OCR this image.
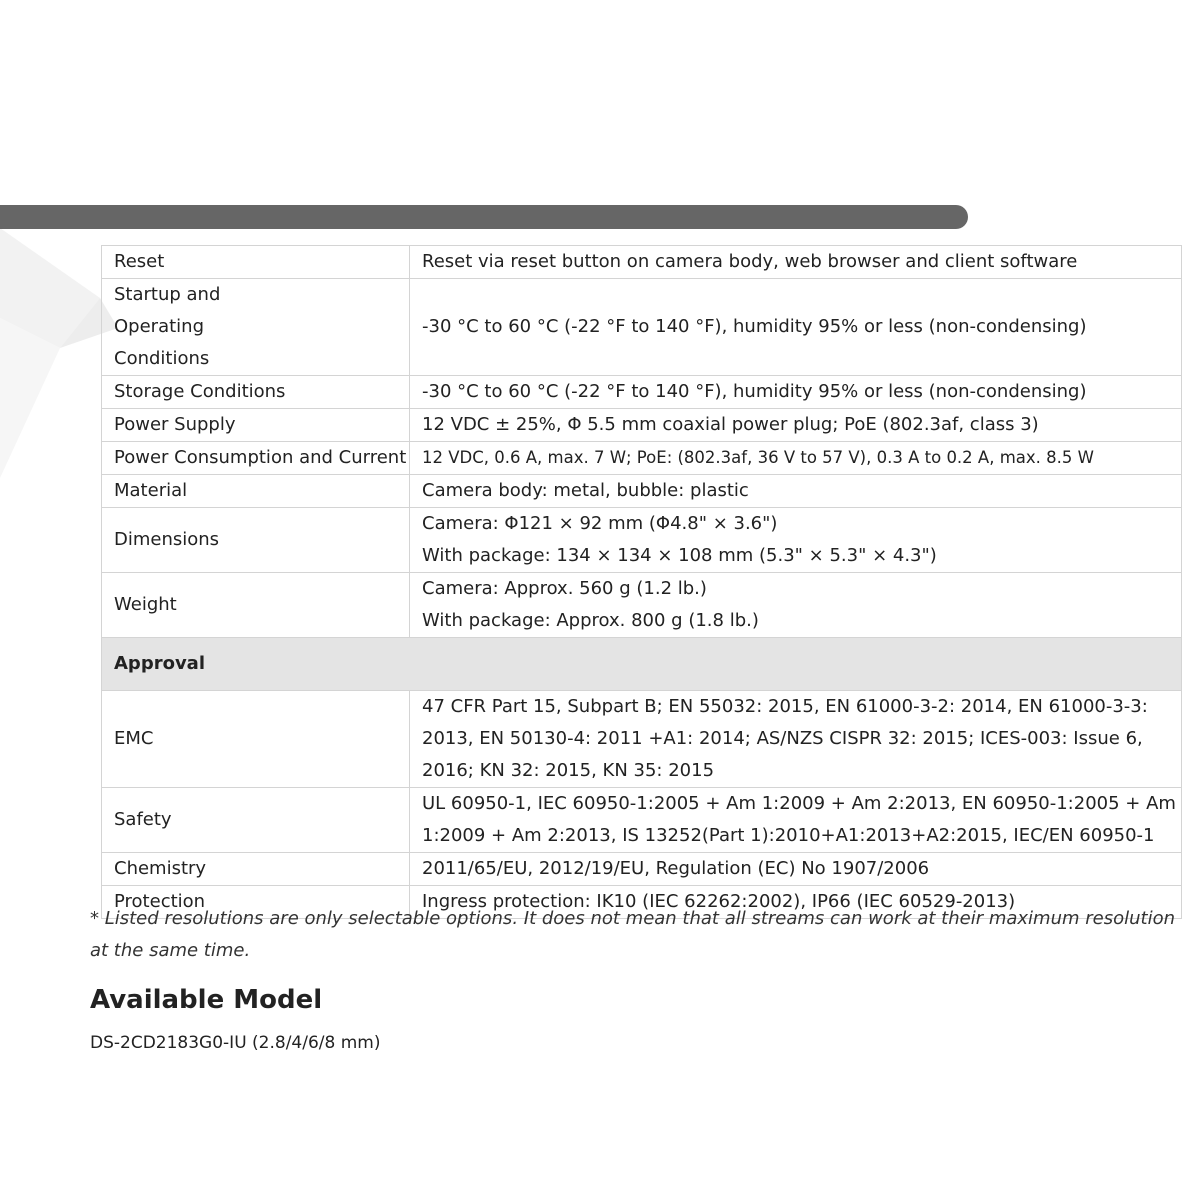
Reset	Reset via reset button on camera body, web browser and client software

Startup and Operating Conditions	-30 °C to 60 °C (-22 °F to 140 °F), humidity 95% or less (non-condensing)

Storage Conditions	-30 °C to 60 °C (-22 °F to 140 °F), humidity 95% or less (non-condensing)

Power Supply	12 VDC ± 25%, Φ 5.5 mm coaxial power plug; PoE (802.3af, class 3)

Power Consumption and Current	12 VDC, 0.6 A, max. 7 W; PoE: (802.3af, 36 V to 57 V), 0.3 A to 0.2 A, max. 8.5 W

Material	Camera body: metal, bubble: plastic

Dimensions	Camera: Φ121 × 92 mm (Φ4.8" × 3.6")
With package: 134 × 134 × 108 mm (5.3" × 5.3" × 4.3")

Weight	Camera: Approx. 560 g (1.2 lb.)
With package: Approx. 800 g (1.8 lb.)

Approval	
EMC	47 CFR Part 15, Subpart B; EN 55032: 2015, EN 61000-3-2: 2014, EN 61000-3-3: 2013, EN 50130-4: 2011 +A1: 2014; AS/NZS CISPR 32: 2015; ICES-003: Issue 6, 2016; KN 32: 2015, KN 35: 2015

Safety	UL 60950-1, IEC 60950-1:2005 + Am 1:2009 + Am 2:2013, EN 60950-1:2005 + Am 1:2009 + Am 2:2013, IS 13252(Part 1):2010+A1:2013+A2:2015, IEC/EN 60950-1

Chemistry	2011/65/EU, 2012/19/EU, Regulation (EC) No 1907/2006

Protection	Ingress protection: IK10 (IEC 62262:2002), IP66 (IEC 60529-2013)

* Listed resolutions are only selectable options. It does not mean that all streams can work at their maximum resolution at the same time.

Available Model

DS-2CD2183G0-IU (2.8/4/6/8 mm)
